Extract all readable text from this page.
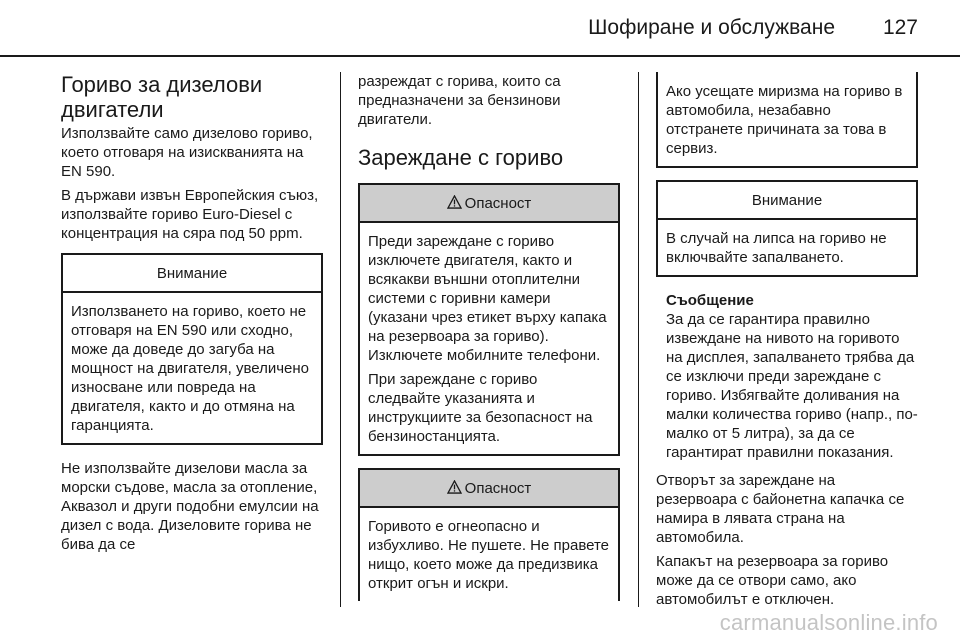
Шофиране и обслужване 127
Гориво за дизелови двигатели

Използвайте само дизелово гориво, което отговаря на изискванията на EN 590.

В държави извън Европейския съюз, използвайте гориво Euro-Diesel с концентрация на сяра под 50 ppm.

Внимание

Използването на гориво, което не отговаря на EN 590 или сходно, може да доведе до загуба на мощност на двигателя, увеличено износване или повреда на двигателя, както и до отмяна на гаранцията.

Не използвайте дизелови масла за морски съдове, масла за отопление, Аквазол и други подобни емулсии на дизел с вода. Дизеловите горива не бива да се

разреждат с горива, които са предназначени за бензинови двигатели.

Зареждане с гориво
Опасност

Преди зареждане с гориво изключете двигателя, както и всякакви външни отоплителни системи с горивни камери (указани чрез етикет върху капака на резервоара за гориво). Изключете мобилните телефони.

При зареждане с гориво следвайте указанията и инструкциите за безопасност на бензиностанцията.

Опасност

Горивото е огнеопасно и избухливо. Не пушете. Не правете нищо, което може да предизвика открит огън и искри.

Ако усещате миризма на гориво в автомобила, незабавно отстранете причината за това в сервиз.

Внимание

В случай на липса на гориво не включвайте запалването.

Съобщение
За да се гарантира правилно извеждане на нивото на горивото на дисплея, запалването трябва да се изключи преди зареждане с гориво. Избягвайте доливания на малки количества гориво (напр., по-малко от 5 литра), за да се гарантират правилни показания.

Отворът за зареждане на резервоара с байонетна капачка се намира в лявата страна на автомобила.

Капакът на резервоара за гориво може да се отвори само, ако автомобилът е отключен.

carmanualsonline.info
